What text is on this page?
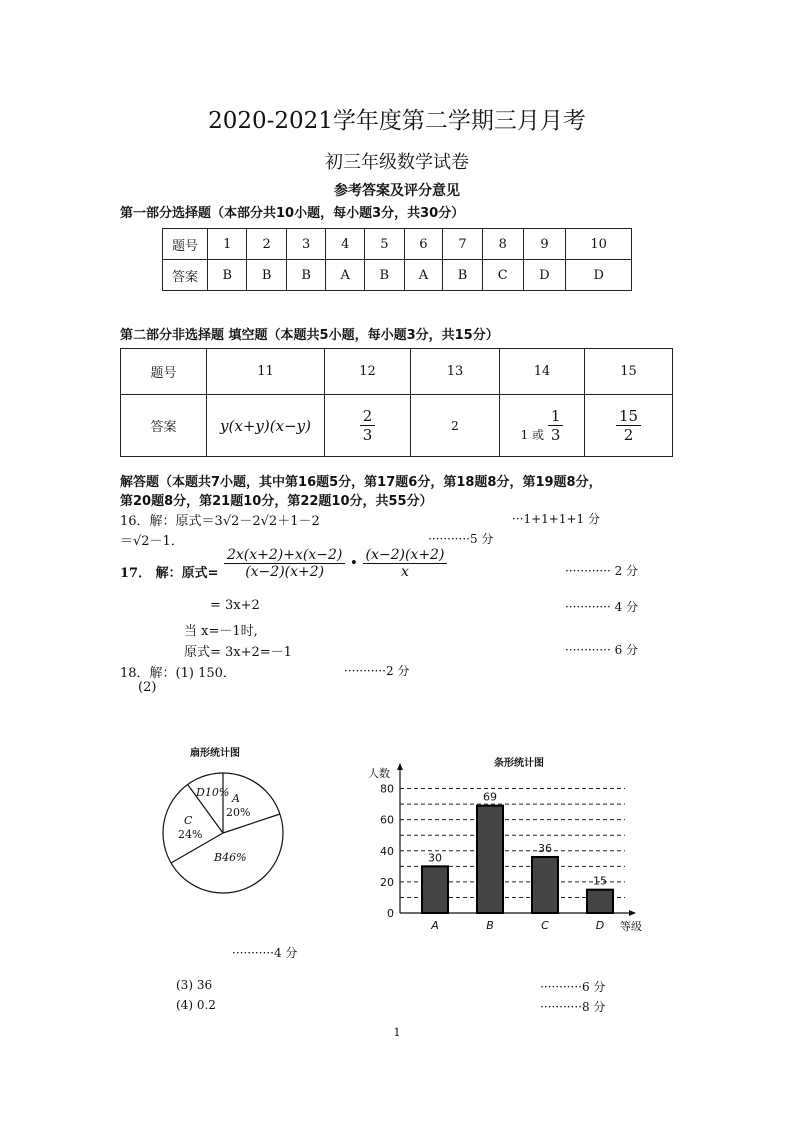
2020-2021学年度第二学期三月月考
初三年级数学试卷
参考答案及评分意见
第一部分选择题（本部分共10小题，每小题3分，共30分）
题号	1	2	3	4	5	6	7	8	9	10
答案	B	B	B	A	B	A	B	C	D	D
第二部分非选择题 填空题（本题共5小题，每小题3分，共15分）
题号	11	12	13	14	15
答案	y(x+y)(x−y)	$\frac{2}{3}$	2	1 或 $\frac{1}{3}$	$\frac{15}{2}$
解答题（本题共7小题，其中第16题5分，第17题6分，第18题8分，第19题8分，
第20题8分，第21题10分，第22题10分，共55分）
16．解：原式＝3√2－2√2＋1－2	···1+1+1+1 分
＝√2－1．	···········5 分
17． 解：原式= $\frac{2x(x+2)+x(x-2)}{(x-2)(x+2)}$ • $\frac{(x-2)(x+2)}{x}$	············ 2 分
= 3x+2	············ 4 分
当 x=－1时,
原式= 3x+2=－1	············ 6 分
18．解：(1) 150．	···········2 分
(2)
扇形统计图
D10% A
20%
C
24%
B46%
条形统计图
人数
等级
0
20
40
60
80
30
A
69
B
36
C
15
D
···········4 分
(3) 36	···········6 分
(4) 0.2	···········8 分
1
